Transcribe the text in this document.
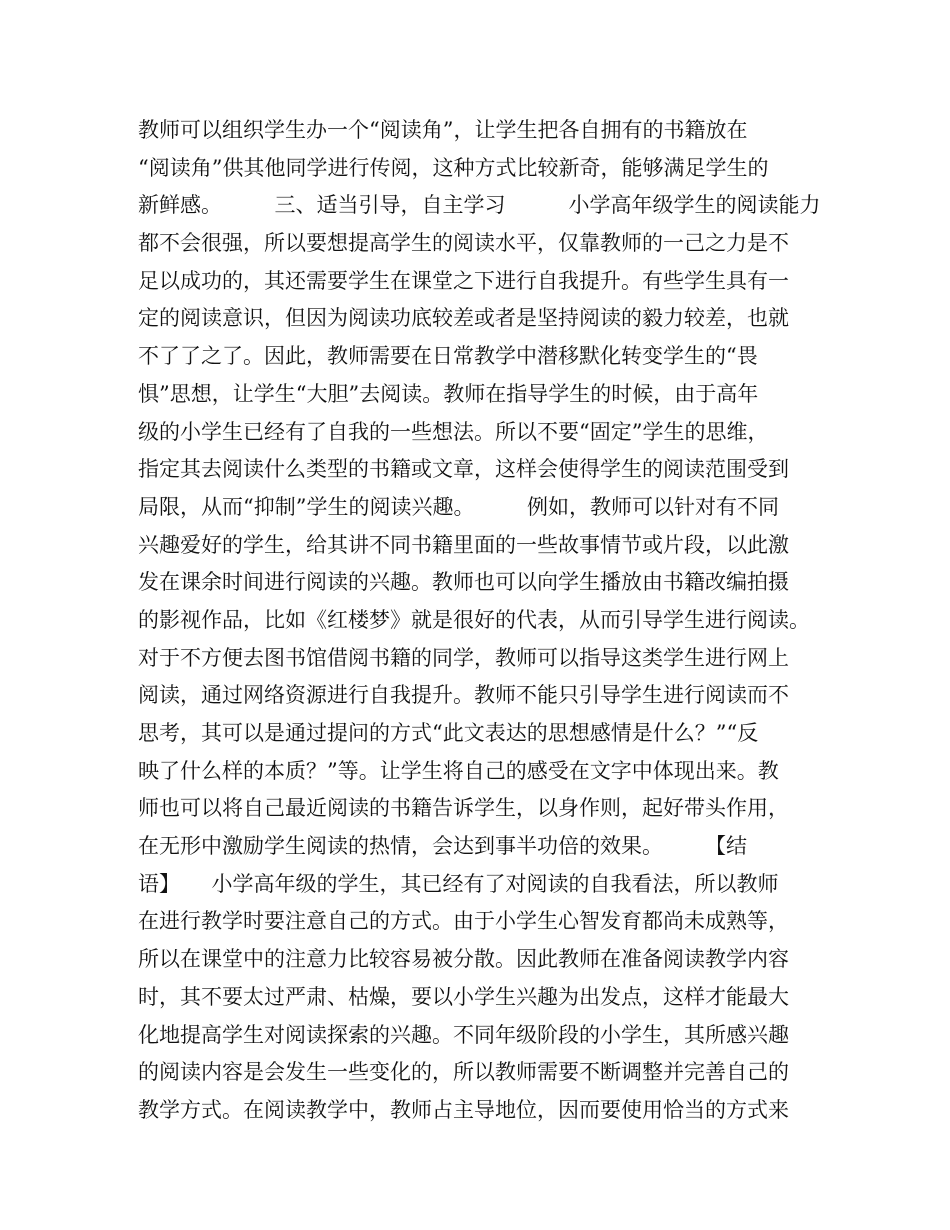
教师可以组织学生办一个“阅读角”，让学生把各自拥有的书籍放在
“阅读角”供其他同学进行传阅，这种方式比较新奇，能够满足学生的
新鲜感。　　　三、适当引导，自主学习　　　小学高年级学生的阅读能力
都不会很强，所以要想提高学生的阅读水平，仅靠教师的一己之力是不
足以成功的，其还需要学生在课堂之下进行自我提升。有些学生具有一
定的阅读意识，但因为阅读功底较差或者是坚持阅读的毅力较差，也就
不了了之了。因此，教师需要在日常教学中潜移默化转变学生的“畏
惧”思想，让学生“大胆”去阅读。教师在指导学生的时候，由于高年
级的小学生已经有了自我的一些想法。所以不要“固定”学生的思维，
指定其去阅读什么类型的书籍或文章，这样会使得学生的阅读范围受到
局限，从而“抑制”学生的阅读兴趣。　　　例如，教师可以针对有不同
兴趣爱好的学生，给其讲不同书籍里面的一些故事情节或片段，以此激
发在课余时间进行阅读的兴趣。教师也可以向学生播放由书籍改编拍摄
的影视作品，比如《红楼梦》就是很好的代表，从而引导学生进行阅读。
对于不方便去图书馆借阅书籍的同学，教师可以指导这类学生进行网上
阅读，通过网络资源进行自我提升。教师不能只引导学生进行阅读而不
思考，其可以是通过提问的方式“此文表达的思想感情是什么？”“反
映了什么样的本质？”等。让学生将自己的感受在文字中体现出来。教
师也可以将自己最近阅读的书籍告诉学生，以身作则，起好带头作用，
在无形中激励学生阅读的热情，会达到事半功倍的效果。　　　【结
语】　　小学高年级的学生，其已经有了对阅读的自我看法，所以教师
在进行教学时要注意自己的方式。由于小学生心智发育都尚未成熟等，
所以在课堂中的注意力比较容易被分散。因此教师在准备阅读教学内容
时，其不要太过严肃、枯燥，要以小学生兴趣为出发点，这样才能最大
化地提高学生对阅读探索的兴趣。不同年级阶段的小学生，其所感兴趣
的阅读内容是会发生一些变化的，所以教师需要不断调整并完善自己的
教学方式。在阅读教学中，教师占主导地位，因而要使用恰当的方式来
